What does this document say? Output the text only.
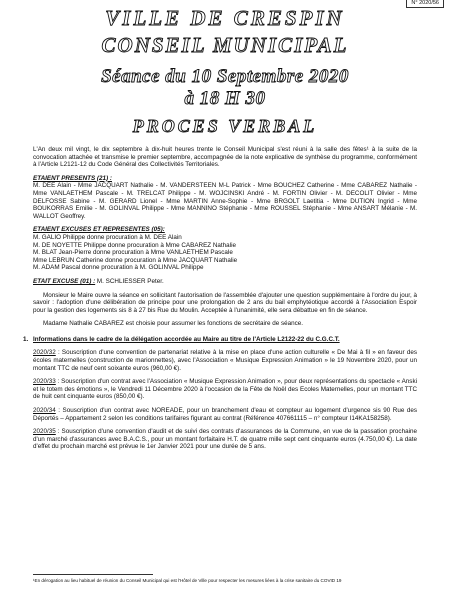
N° 2020/56
VILLE DE CRESPIN
CONSEIL MUNICIPAL
Séance du 10 Septembre 2020
à 18 H 30
PROCES VERBAL

L'An deux mil vingt, le dix septembre à dix-huit heures trente le Conseil Municipal s'est réuni à la salle des fêtes¹ à la suite de la convocation attachée et transmise le premier septembre, accompagnée de la note explicative de synthèse du programme, conformément à l'Article L2121-12 du Code Général des Collectivités Territoriales.

ETAIENT PRESENTS (21) :

M. DEE Alain - Mme JACQUART Nathalie - M. VANDERSTEEN M-L Patrick - Mme BOUCHEZ Catherine - Mme CABAREZ Nathalie - Mme VANLAETHEM Pascale - M. TRELCAT Philippe - M. WOJCINSKI André - M. FORTIN Olivier - M. DECOLIT Olivier - Mme DELFOSSE Sabine - M. GERARD Lionel - Mme MARTIN Anne-Sophie - Mme BRGOLT Laetitia - Mme DUTION Ingrid - Mme BOUKORRAS Emilie - M. GOLINVAL Philippe - Mme MANNINO Stéphanie - Mme ROUSSEL Stéphanie - Mme ANSART Mélanie - M. WALLOT Geoffrey.

ETAIENT EXCUSES ET REPRESENTES (05):
M. GALIO Philippe donne procuration à M. DEE Alain
M. DE NOYETTE Philippe donne procuration à Mme CABAREZ Nathalie
M. BLAT Jean-Pierre donne procuration à Mme VANLAETHEM Pascale
Mme LEBRUN Catherine donne procuration à Mme JACQUART Nathalie
M. ADAM Pascal donne procuration à M. GOLINVAL Philippe

ETAIT EXCUSE (01) : M. SCHLIESSER Peter.

Monsieur le Maire ouvre la séance en sollicitant l'autorisation de l'assemblée d'ajouter une question supplémentaire à l'ordre du jour, à savoir : l'adoption d'une délibération de principe pour une prolongation de 2 ans du bail emphytéotique accordé à l'Association Espoir pour la gestion des logements sis 8 à 27 bis Rue du Moulin. Acceptée à l'unanimité, elle sera débattue en fin de séance.

Madame Nathalie CABAREZ est choisie pour assumer les fonctions de secrétaire de séance.

1. Informations dans le cadre de la délégation accordée au Maire au titre de l'Article L2122-22 du C.G.C.T.

2020/32 : Souscription d'une convention de partenariat relative à la mise en place d'une action culturelle « De Mai à fil » en faveur des écoles maternelles (construction de marionnettes), avec l'Association « Musique Expression Animation » le 19 Novembre 2020, pour un montant TTC de neuf cent soixante euros (960,00 €).

2020/33 : Souscription d'un contrat avec l'Association « Musique Expression Animation », pour deux représentations du spectacle « Anski et le totem des émotions », le Vendredi 11 Décembre 2020 à l'occasion de la Fête de Noël des Ecoles Maternelles, pour un montant TTC de huit cent cinquante euros (850,00 €).

2020/34 : Souscription d'un contrat avec NOREADE, pour un branchement d'eau et compteur au logement d'urgence sis 90 Rue des Déportés – Appartement 2 selon les conditions tarifaires figurant au contrat (Référence 407661115 – n° compteur I14KA158258).

2020/35 : Souscription d'une convention d'audit et de suivi des contrats d'assurances de la Commune, en vue de la passation prochaine d'un marché d'assurances avec B.A.C.S., pour un montant forfaitaire H.T. de quatre mille sept cent cinquante euros (4.750,00 €). La date d'effet du prochain marché est prévue le 1er Janvier 2021 pour une durée de 5 ans.

¹En dérogation au lieu habituel de réunion du Conseil Municipal qui est l'Hôtel de Ville pour respecter les mesures liées à la crise sanitaire du COVID 19
